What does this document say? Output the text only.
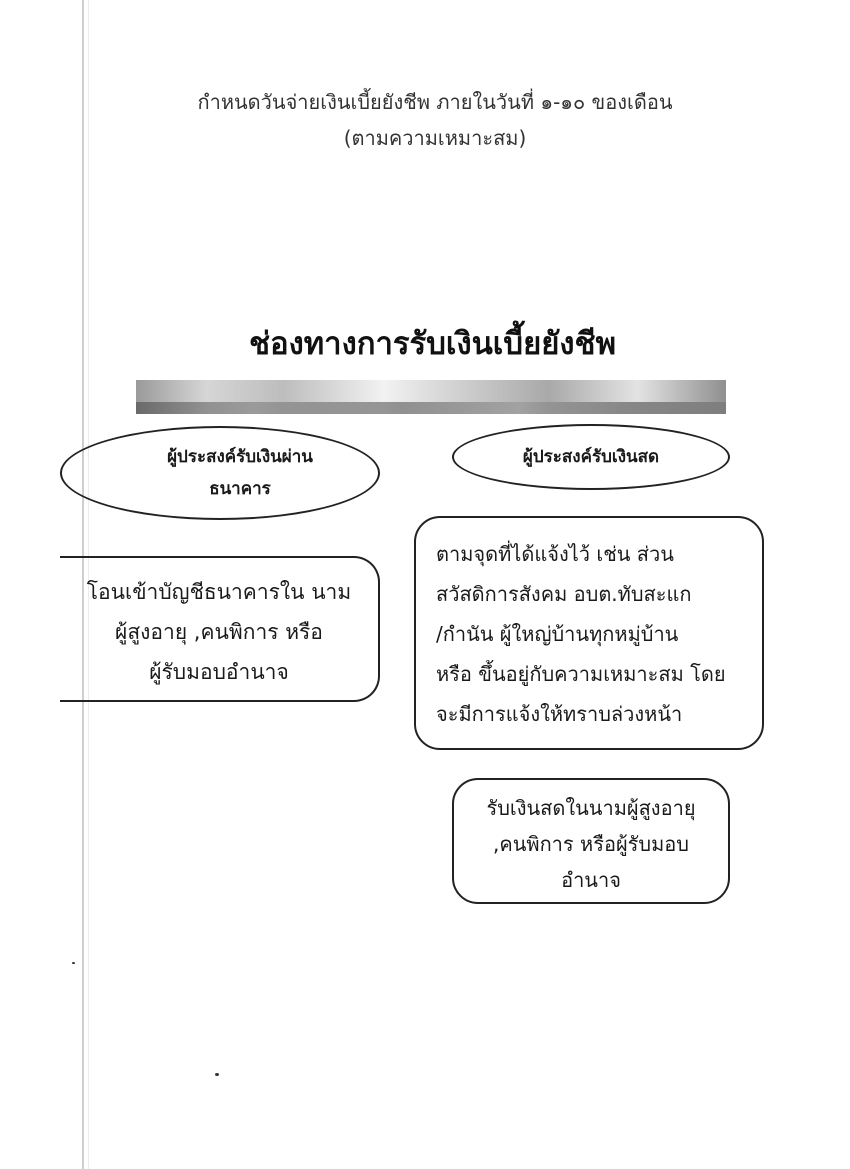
กำหนดวันจ่ายเงินเบี้ยยังชีพ ภายในวันที่ ๑-๑๐ ของเดือน
(ตามความเหมาะสม)
ช่องทางการรับเงินเบี้ยยังชีพ
ผู้ประสงค์รับเงินผ่าน
ธนาคาร
ผู้ประสงค์รับเงินสด
โอนเข้าบัญชีธนาคารใน นาม
ผู้สูงอายุ ,คนพิการ หรือ
ผู้รับมอบอำนาจ
ตามจุดที่ได้แจ้งไว้ เช่น ส่วน
สวัสดิการสังคม อบต.ทับสะแก
/กำนัน ผู้ใหญ่บ้านทุกหมู่บ้าน
หรือ ขึ้นอยู่กับความเหมาะสม โดย
จะมีการแจ้งให้ทราบล่วงหน้า
รับเงินสดในนามผู้สูงอายุ
,คนพิการ หรือผู้รับมอบ
อำนาจ
